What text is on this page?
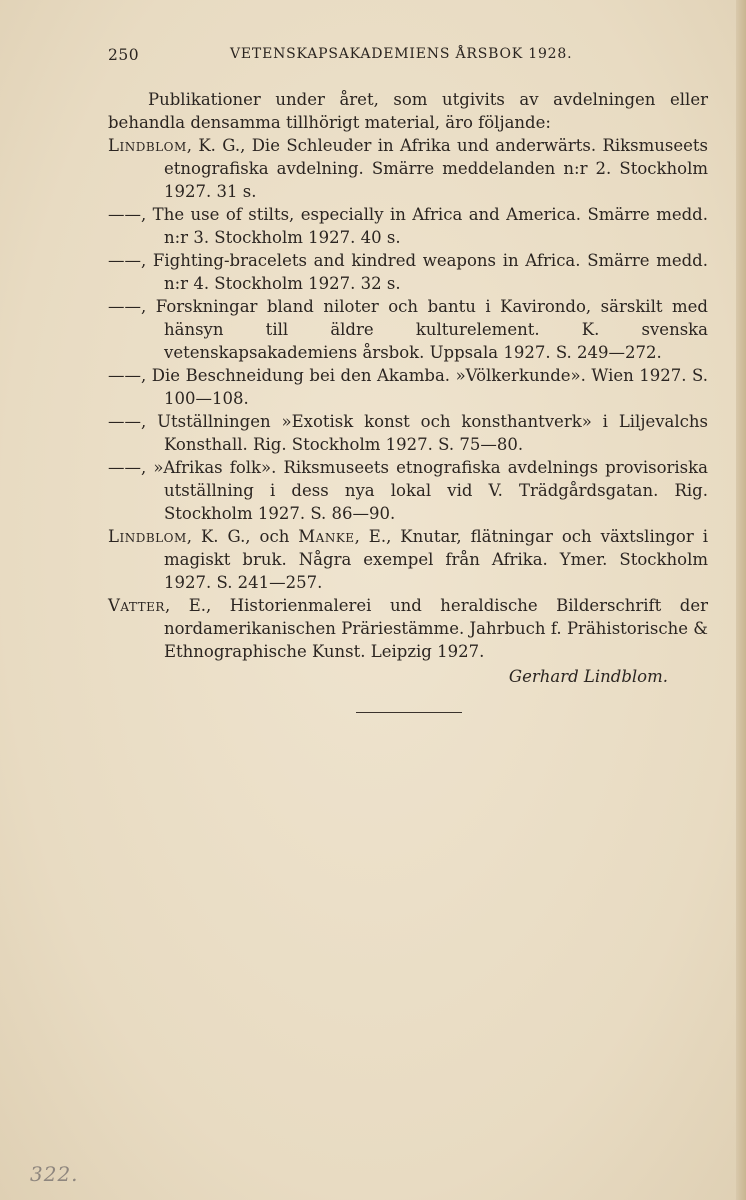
250	VETENSKAPSAKADEMIENS ÅRSBOK 1928.

Publikationer under året, som utgivits av avdelningen eller behandla densamma tillhörigt material, äro följande:

Lindblom, K. G., Die Schleuder in Afrika und anderwärts. Riksmuseets etnografiska avdelning. Smärre meddelanden n:r 2. Stockholm 1927. 31 s.

——, The use of stilts, especially in Africa and America. Smärre medd. n:r 3. Stockholm 1927. 40 s.

——, Fighting-bracelets and kindred weapons in Africa. Smärre medd. n:r 4. Stockholm 1927. 32 s.

——, Forskningar bland niloter och bantu i Kavirondo, särskilt med hänsyn till äldre kulturelement. K. svenska vetenskapsakademiens årsbok. Uppsala 1927. S. 249—272.

——, Die Beschneidung bei den Akamba. »Völkerkunde». Wien 1927. S. 100—108.

——, Utställningen »Exotisk konst och konsthantverk» i Liljevalchs Konsthall. Rig. Stockholm 1927. S. 75—80.

——, »Afrikas folk». Riksmuseets etnografiska avdelnings provisoriska utställning i dess nya lokal vid V. Trädgårdsgatan. Rig. Stockholm 1927. S. 86—90.

Lindblom, K. G., och Manke, E., Knutar, flätningar och växtslingor i magiskt bruk. Några exempel från Afrika. Ymer. Stockholm 1927. S. 241—257.

Vatter, E., Historienmalerei und heraldische Bilderschrift der nordamerikanischen Präriestämme. Jahrbuch f. Prähistorische & Ethnographische Kunst. Leipzig 1927.

Gerhard Lindblom.

322.
